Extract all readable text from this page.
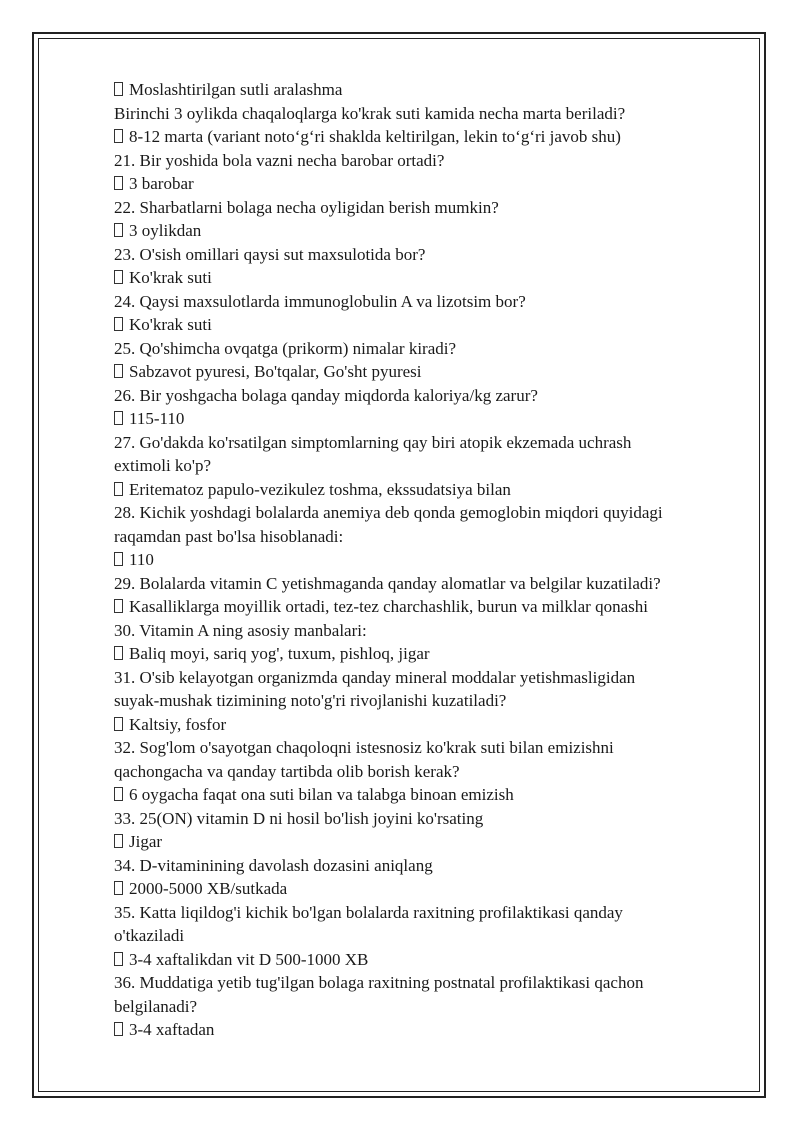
Moslashtirilgan sutli aralashma
Birinchi 3 oylikda chaqaloqlarga ko'krak suti kamida necha marta beriladi?
8-12 marta (variant noto‘g‘ri shaklda keltirilgan, lekin to‘g‘ri javob shu)
21. Bir yoshida bola vazni necha barobar ortadi?
3 barobar
22. Sharbatlarni bolaga necha oyligidan berish mumkin?
3 oylikdan
23. O'sish omillari qaysi sut maxsulotida bor?
Ko'krak suti
24. Qaysi maxsulotlarda immunoglobulin A va lizotsim bor?
Ko'krak suti
25. Qo'shimcha ovqatga (prikorm) nimalar kiradi?
Sabzavot pyuresi, Bo'tqalar, Go'sht pyuresi
26. Bir yoshgacha bolaga qanday miqdorda kaloriya/kg zarur?
115-110
27. Go'dakda ko'rsatilgan simptomlarning qay biri atopik ekzemada uchrash
extimoli ko'p?
Eritematoz papulo-vezikulez toshma, ekssudatsiya bilan
28. Kichik yoshdagi bolalarda anemiya deb qonda gemoglobin miqdori quyidagi
raqamdan past bo'lsa hisoblanadi:
110
29. Bolalarda vitamin C yetishmaganda qanday alomatlar va belgilar kuzatiladi?
Kasalliklarga moyillik ortadi, tez-tez charchashlik, burun va milklar qonashi
30. Vitamin A ning asosiy manbalari:
Baliq moyi, sariq yog', tuxum, pishloq, jigar
31. O'sib kelayotgan organizmda qanday mineral moddalar yetishmasligidan
suyak-mushak tizimining noto'g'ri rivojlanishi kuzatiladi?
Kaltsiy, fosfor
32. Sog'lom o'sayotgan chaqoloqni istesnosiz ko'krak suti bilan emizishni
qachongacha va qanday tartibda olib borish kerak?
6 oygacha faqat ona suti bilan va talabga binoan emizish
33. 25(ON) vitamin D ni hosil bo'lish joyini ko'rsating
Jigar
34. D-vitaminining davolash dozasini aniqlang
2000-5000 XB/sutkada
35. Katta liqildog'i kichik bo'lgan bolalarda raxitning profilaktikasi qanday
o'tkaziladi
3-4 xaftalikdan vit D 500-1000 XB
36. Muddatiga yetib tug'ilgan bolaga raxitning postnatal profilaktikasi qachon
belgilanadi?
3-4 xaftadan
